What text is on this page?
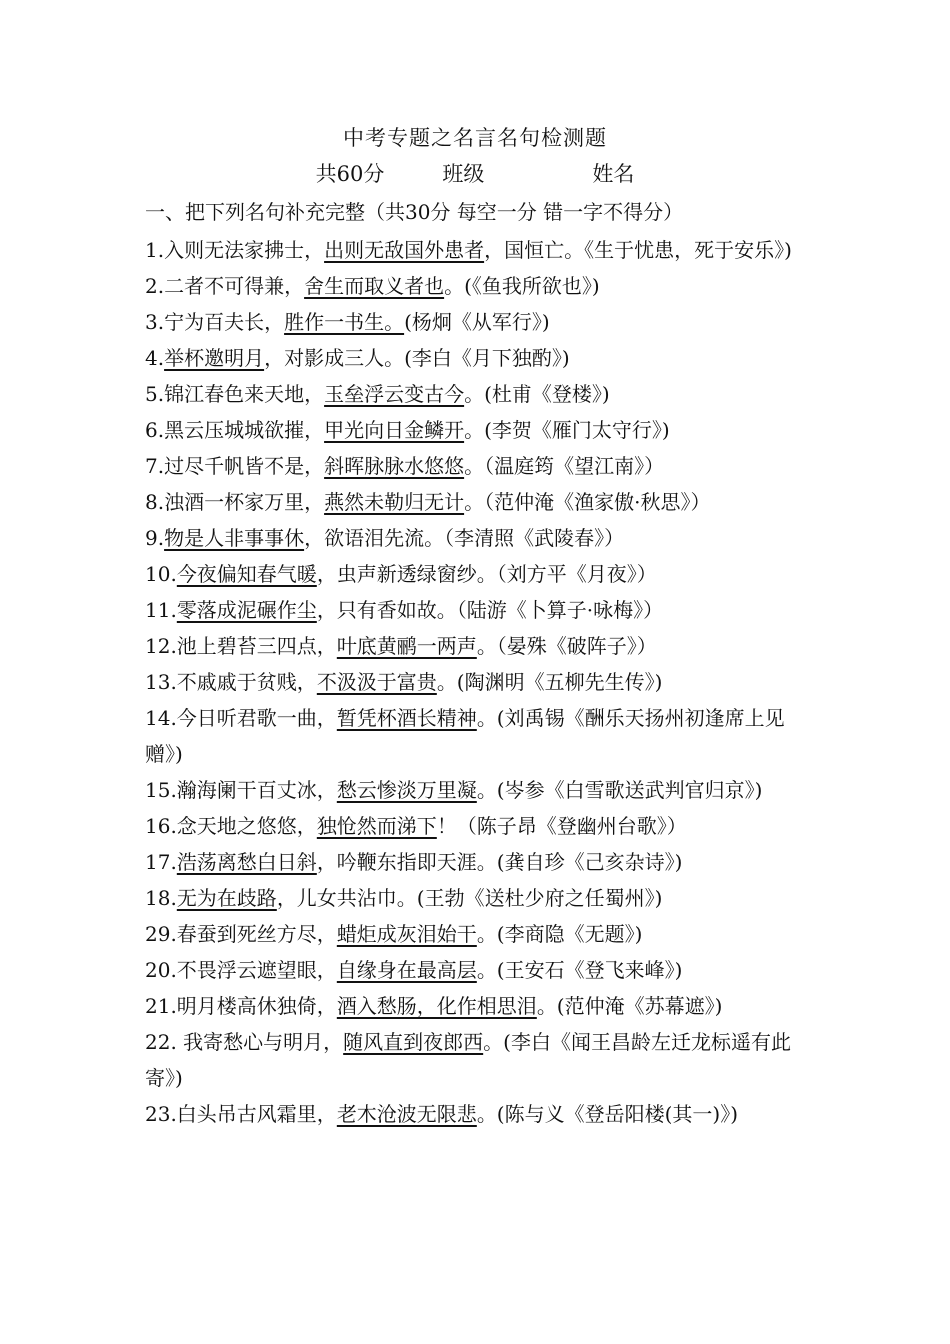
中考专题之名言名句检测题
共60分	班级	姓名
一、把下列名句补充完整（共30分 每空一分 错一字不得分）
1.入则无法家拂士，出则无敌国外患者，国恒亡。《生于忧患，死于安乐》)
2.二者不可得兼，舍生而取义者也。(《鱼我所欲也》)
3.宁为百夫长，胜作一书生。(杨炯《从军行》)
4.举杯邀明月，对影成三人。(李白《月下独酌》)
5.锦江春色来天地，玉垒浮云变古今。(杜甫《登楼》)
6.黑云压城城欲摧，甲光向日金鳞开。(李贺《雁门太守行》)
7.过尽千帆皆不是，斜晖脉脉水悠悠。（温庭筠《望江南》）
8.浊酒一杯家万里，燕然未勒归无计。（范仲淹《渔家傲·秋思》）
9.物是人非事事休，欲语泪先流。（李清照《武陵春》）
10.今夜偏知春气暖，虫声新透绿窗纱。（刘方平《月夜》）
11.零落成泥碾作尘，只有香如故。（陆游《卜算子·咏梅》）
12.池上碧苔三四点，叶底黄鹂一两声。（晏殊《破阵子》）
13.不戚戚于贫贱，不汲汲于富贵。(陶渊明《五柳先生传》)
14.今日听君歌一曲，暂凭杯酒长精神。(刘禹锡《酬乐天扬州初逢席上见赠》)
15.瀚海阑干百丈冰，愁云惨淡万里凝。(岑参《白雪歌送武判官归京》)
16.念天地之悠悠，独怆然而涕下！（陈子昂《登幽州台歌》）
17.浩荡离愁白日斜，吟鞭东指即天涯。(龚自珍《己亥杂诗》)
18.无为在歧路，儿女共沾巾。(王勃《送杜少府之任蜀州》)
29.春蚕到死丝方尽，蜡炬成灰泪始干。(李商隐《无题》)
20.不畏浮云遮望眼，自缘身在最高层。(王安石《登飞来峰》)
21.明月楼高休独倚，酒入愁肠，化作相思泪。(范仲淹《苏幕遮》)
22. 我寄愁心与明月，随风直到夜郎西。(李白《闻王昌龄左迁龙标遥有此寄》)
23.白头吊古风霜里，老木沧波无限悲。(陈与义《登岳阳楼(其一)》)
